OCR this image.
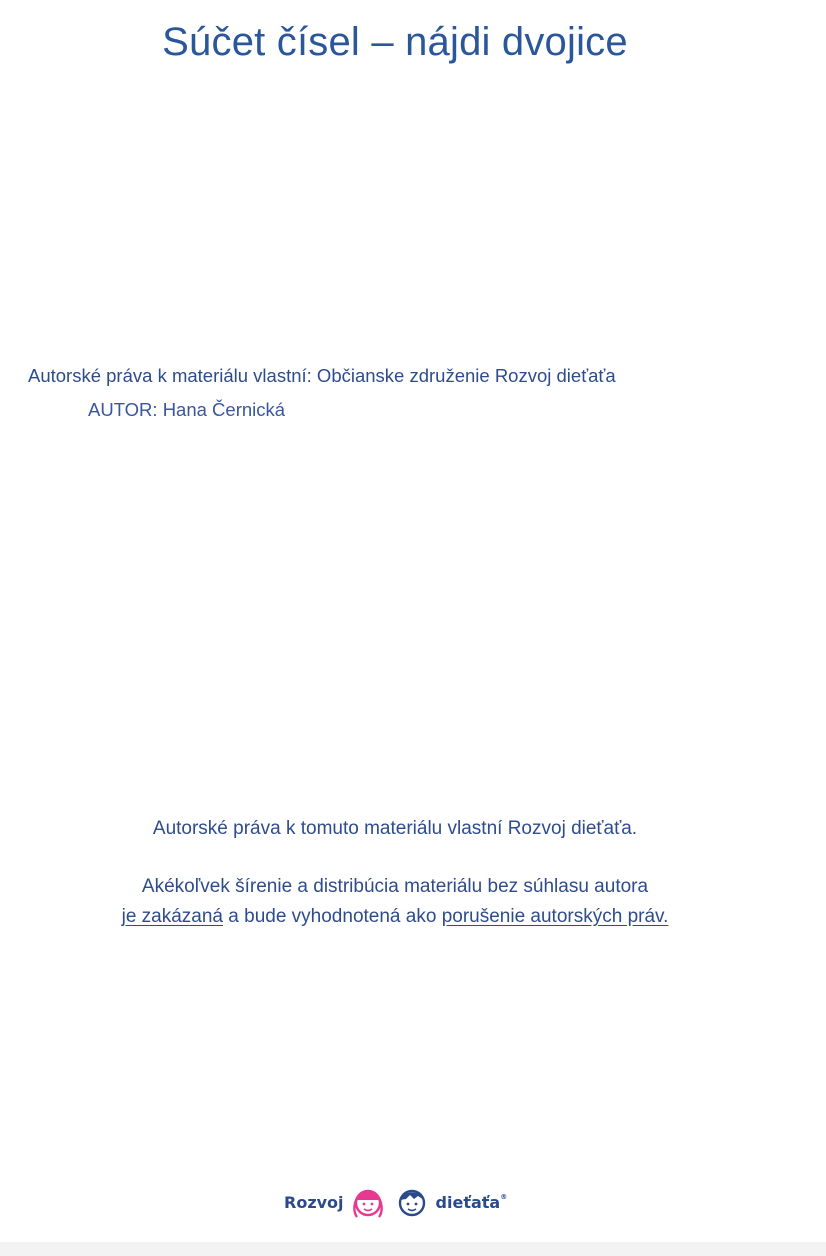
Súčet čísel – nájdi dvojice
Autorské práva k materiálu vlastní: Občianske združenie Rozvoj dieťaťa
AUTOR: Hana Černická
Autorské práva k tomuto materiálu vlastní Rozvoj dieťaťa.
Akékoľvek šírenie a distribúcia materiálu bez súhlasu autora
je zakázaná a bude vyhodnotená ako porušenie autorských práv.
Rozvoj	dieťaťa®
